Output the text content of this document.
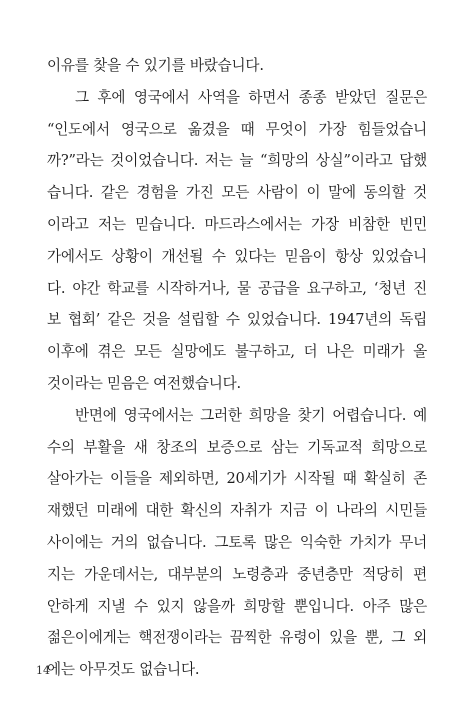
이유를 찾을 수 있기를 바랐습니다.
그 후에 영국에서 사역을 하면서 종종 받았던 질문은
“인도에서 영국으로 옮겼을 때 무엇이 가장 힘들었습니
까?”라는 것이었습니다. 저는 늘 “희망의 상실”이라고 답했
습니다. 같은 경험을 가진 모든 사람이 이 말에 동의할 것
이라고 저는 믿습니다. 마드라스에서는 가장 비참한 빈민
가에서도 상황이 개선될 수 있다는 믿음이 항상 있었습니
다. 야간 학교를 시작하거나, 물 공급을 요구하고, ‘청년 진
보 협회’ 같은 것을 설립할 수 있었습니다. 1947년의 독립
이후에 겪은 모든 실망에도 불구하고, 더 나은 미래가 올
것이라는 믿음은 여전했습니다.
반면에 영국에서는 그러한 희망을 찾기 어렵습니다. 예
수의 부활을 새 창조의 보증으로 삼는 기독교적 희망으로
살아가는 이들을 제외하면, 20세기가 시작될 때 확실히 존
재했던 미래에 대한 확신의 자취가 지금 이 나라의 시민들
사이에는 거의 없습니다. 그토록 많은 익숙한 가치가 무너
지는 가운데서는, 대부분의 노령층과 중년층만 적당히 편
안하게 지낼 수 있지 않을까 희망할 뿐입니다. 아주 많은
젊은이에게는 핵전쟁이라는 끔찍한 유령이 있을 뿐, 그 외
에는 아무것도 없습니다.
14
